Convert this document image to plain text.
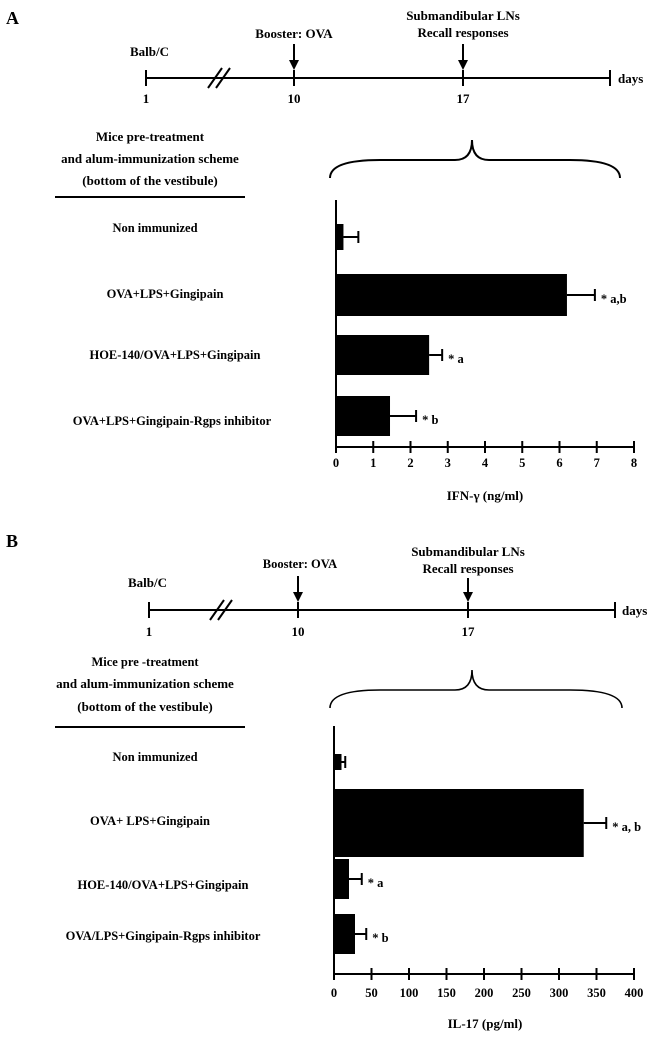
A
Balb/C
1	10	17
days
Booster: OVA
Submandibular LNs
Recall responses
Mice pre-treatment
and alum-immunization scheme
(bottom of the vestibule)
Non immunized
OVA+LPS+Gingipain
HOE-140/OVA+LPS+Gingipain
OVA+LPS+Gingipain-Rgps inhibitor
0 1 2 3 4 5 6 7 8
* a,b
* a
* b
IFN-γ (ng/ml)
B
Balb/C
1	10	17
days
Booster: OVA
Submandibular LNs
Recall responses
Mice pre -treatment
and alum-immunization scheme
(bottom of the vestibule)
Non immunized
OVA+ LPS+Gingipain
HOE-140/OVA+LPS+Gingipain
OVA/LPS+Gingipain-Rgps inhibitor
0 50 100 150 200 250 300 350 400
* a, b
* a
* b
IL-17 (pg/ml)
